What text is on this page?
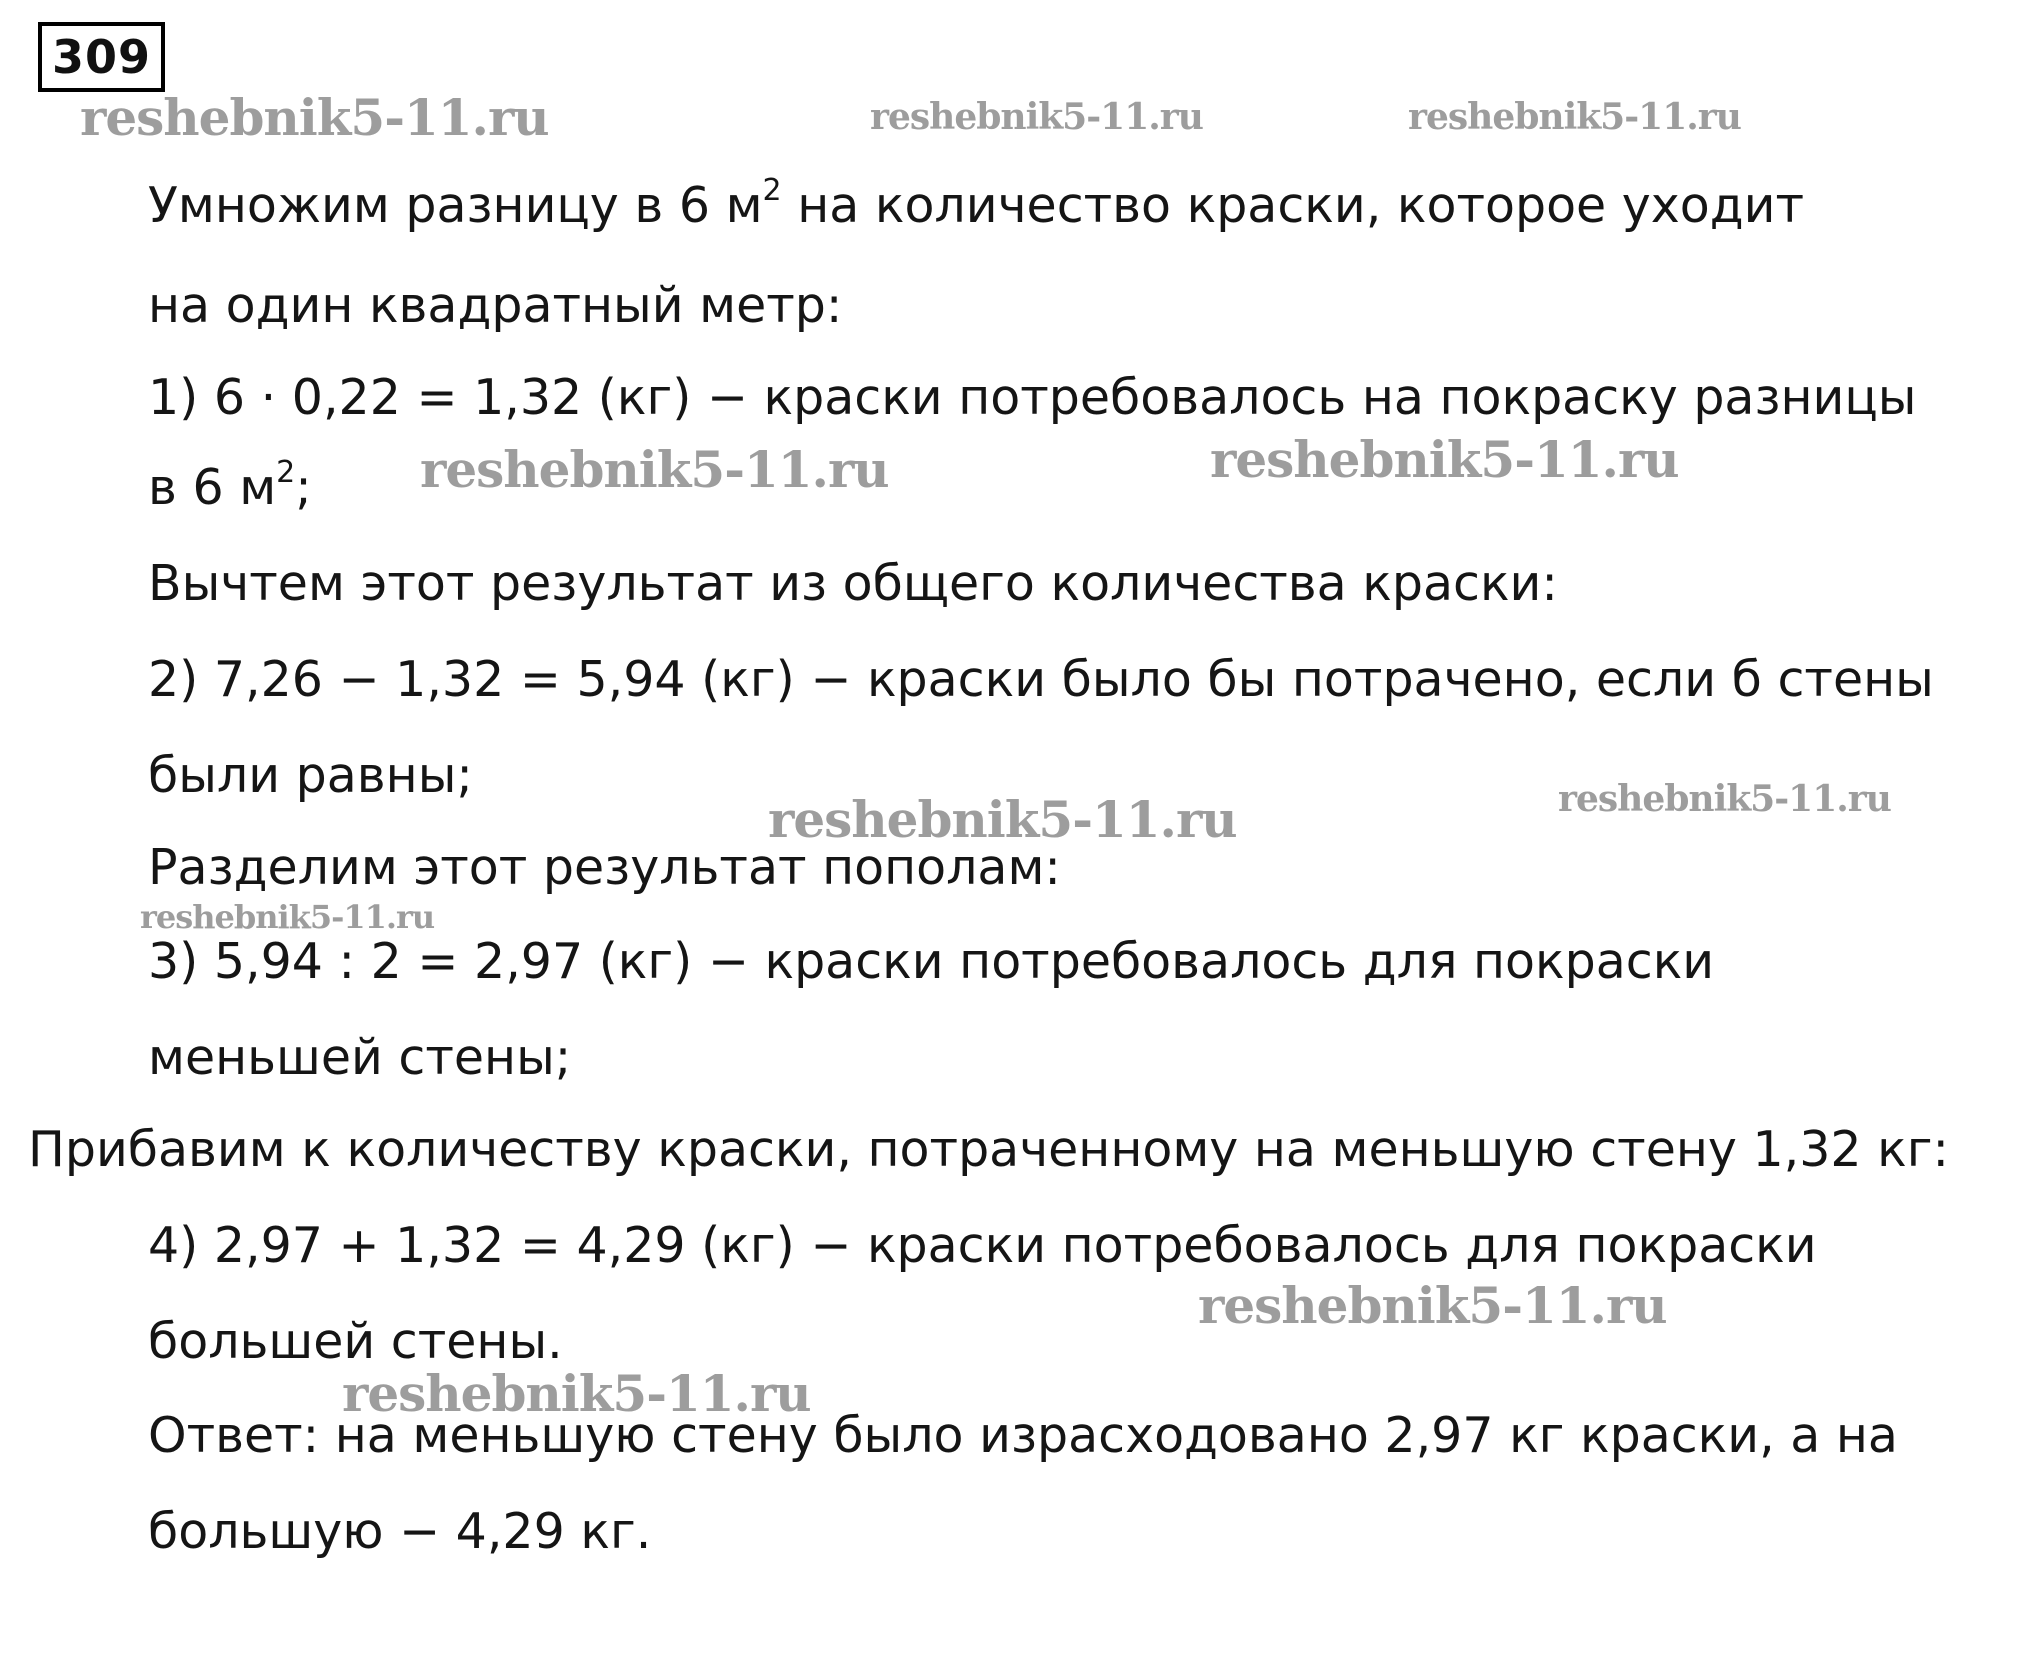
309
Умножим разницу в 6 $м^2$ на количество краски, которое уходит
на один квадратный метр:
1) 6 · 0,22 = 1,32 (кг) − краски потребовалось на покраску разницы
в 6 $м^2$;
Вычтем этот результат из общего количества краски:
2) 7,26 − 1,32 = 5,94 (кг) − краски было бы потрачено, если б стены
были равны;
Разделим этот результат пополам:
3) 5,94 : 2 = 2,97 (кг) − краски потребовалось для покраски
меньшей стены;
Прибавим к количеству краски, потраченному на меньшую стену 1,32 кг:
4) 2,97 + 1,32 = 4,29 (кг) − краски потребовалось для покраски
большей стены.
Ответ: на меньшую стену было израсходовано 2,97 кг краски, а на
большую − 4,29 кг.
reshebnik5-11.ru	reshebnik5-11.ru	reshebnik5-11.ru
reshebnik5-11.ru	reshebnik5-11.ru
reshebnik5-11.ru	reshebnik5-11.ru
reshebnik5-11.ru
reshebnik5-11.ru
reshebnik5-11.ru
